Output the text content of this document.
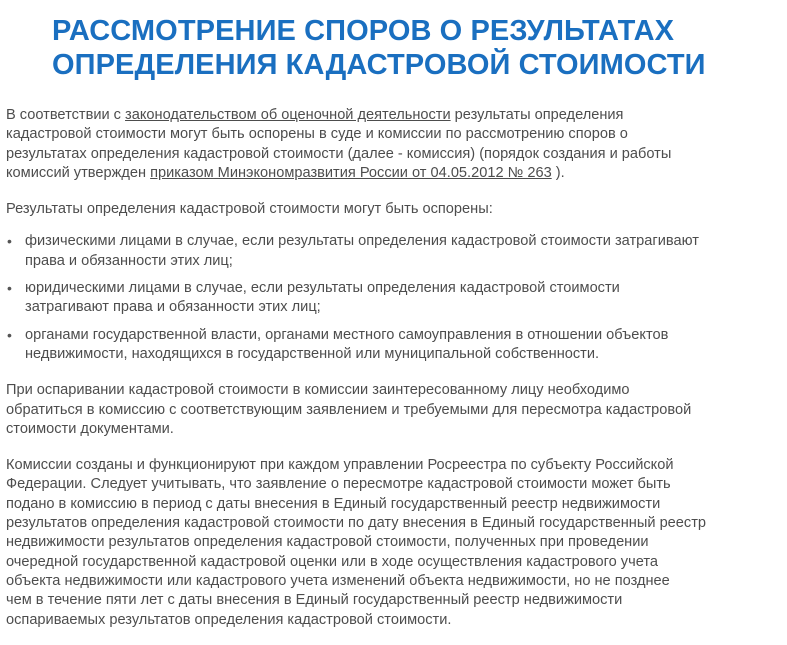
РАССМОТРЕНИЕ СПОРОВ О РЕЗУЛЬТАТАХ
ОПРЕДЕЛЕНИЯ КАДАСТРОВОЙ СТОИМОСТИ

В соответствии с законодательством об оценочной деятельности результаты определения
кадастровой стоимости могут быть оспорены в суде и комиссии по рассмотрению споров о
результатах определения кадастровой стоимости (далее - комиссия) (порядок создания и работы
комиссий утвержден приказом Минэкономразвития России от 04.05.2012 № 263 ).

Результаты определения кадастровой стоимости могут быть оспорены:

• физическими лицами в случае, если результаты определения кадастровой стоимости затрагивают
права и обязанности этих лиц;
• юридическими лицами в случае, если результаты определения кадастровой стоимости
затрагивают права и обязанности этих лиц;
• органами государственной власти, органами местного самоуправления в отношении объектов
недвижимости, находящихся в государственной или муниципальной собственности.

При оспаривании кадастровой стоимости в комиссии заинтересованному лицу необходимо
обратиться в комиссию с соответствующим заявлением и требуемыми для пересмотра кадастровой
стоимости документами.

Комиссии созданы и функционируют при каждом управлении Росреестра по субъекту Российской
Федерации. Следует учитывать, что заявление о пересмотре кадастровой стоимости может быть
подано в комиссию в период с даты внесения в Единый государственный реестр недвижимости
результатов определения кадастровой стоимости по дату внесения в Единый государственный реестр
недвижимости результатов определения кадастровой стоимости, полученных при проведении
очередной государственной кадастровой оценки или в ходе осуществления кадастрового учета
объекта недвижимости или кадастрового учета изменений объекта недвижимости, но не позднее
чем в течение пяти лет с даты внесения в Единый государственный реестр недвижимости
оспариваемых результатов определения кадастровой стоимости.
